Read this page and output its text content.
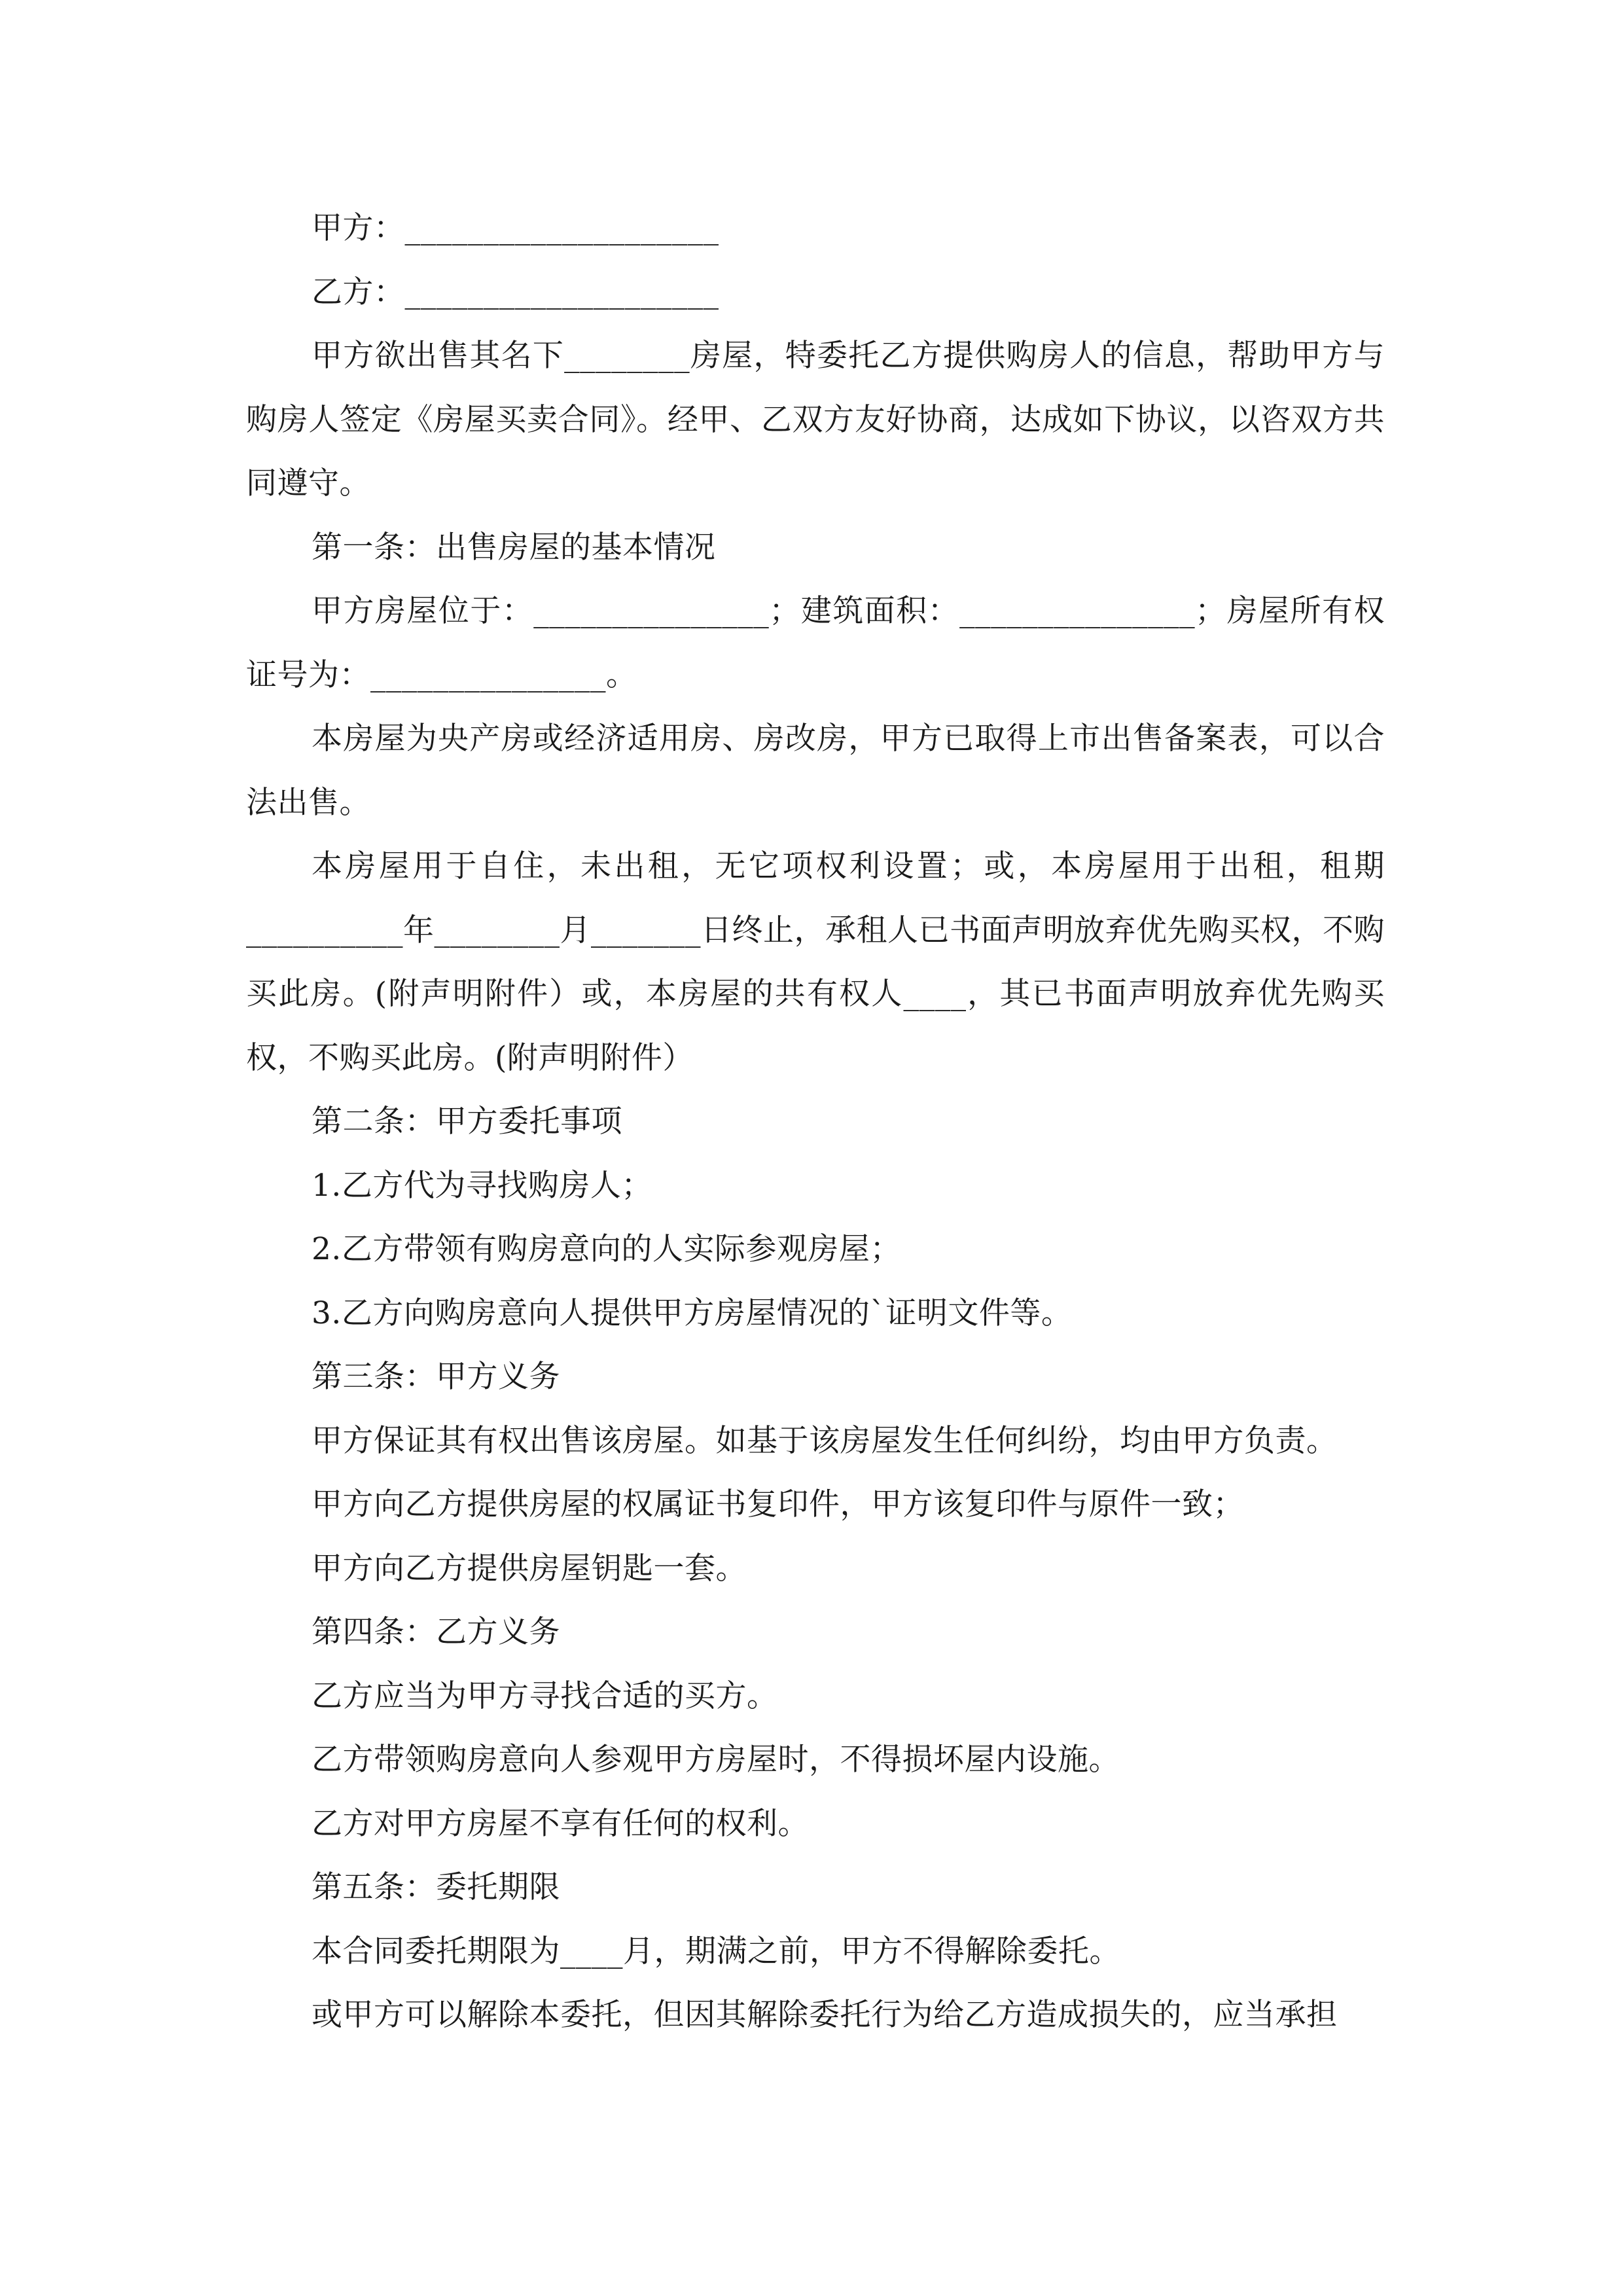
甲方：____________________

乙方：____________________

甲方欲出售其名下________房屋，特委托乙方提供购房人的信息，帮助甲方与购房人签定《房屋买卖合同》。经甲、乙双方友好协商，达成如下协议，以咨双方共同遵守。

第一条：出售房屋的基本情况

甲方房屋位于：_______________；建筑面积：_______________；房屋所有权证号为：_______________。

本房屋为央产房或经济适用房、房改房，甲方已取得上市出售备案表，可以合法出售。

本房屋用于自住，未出租，无它项权利设置；或，本房屋用于出租，租期__________年________月_______日终止，承租人已书面声明放弃优先购买权，不购买此房。(附声明附件）或，本房屋的共有权人____，其已书面声明放弃优先购买权，不购买此房。(附声明附件）

第二条：甲方委托事项

1.乙方代为寻找购房人；

2.乙方带领有购房意向的人实际参观房屋；

3.乙方向购房意向人提供甲方房屋情况的`证明文件等。

第三条：甲方义务

甲方保证其有权出售该房屋。如基于该房屋发生任何纠纷，均由甲方负责。

甲方向乙方提供房屋的权属证书复印件，甲方该复印件与原件一致；

甲方向乙方提供房屋钥匙一套。

第四条：乙方义务

乙方应当为甲方寻找合适的买方。

乙方带领购房意向人参观甲方房屋时，不得损坏屋内设施。

乙方对甲方房屋不享有任何的权利。

第五条：委托期限

本合同委托期限为____月，期满之前，甲方不得解除委托。

或甲方可以解除本委托，但因其解除委托行为给乙方造成损失的，应当承担
